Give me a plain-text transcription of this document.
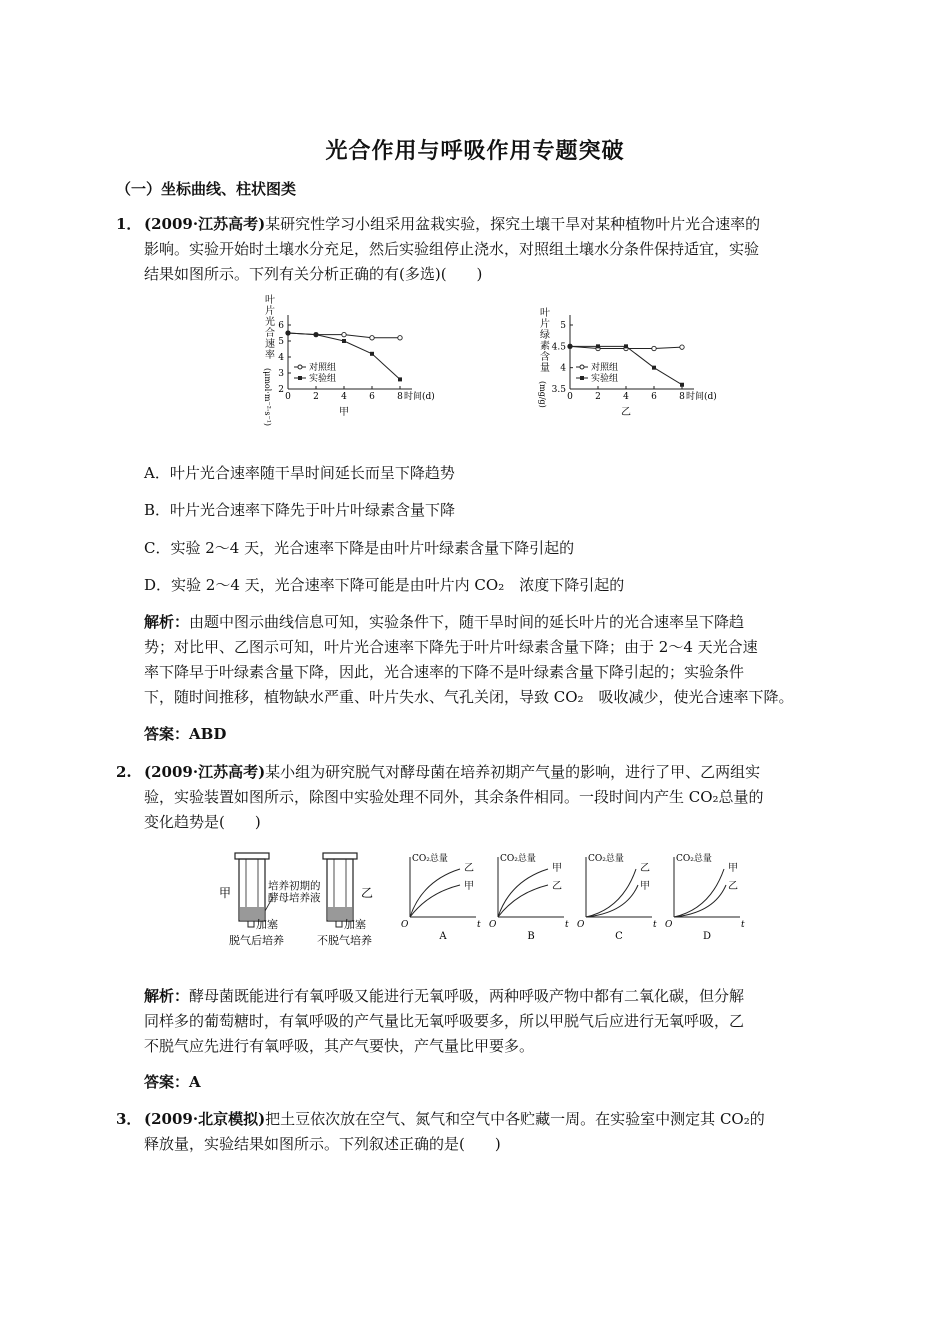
光合作用与呼吸作用专题突破
（一）坐标曲线、柱状图类
1． (2009·江苏高考)某研究性学习小组采用盆栽实验，探究土壤干旱对某种植物叶片光合速率的
影响。实验开始时土壤水分充足，然后实验组停止浇水，对照组土壤水分条件保持适宜，实验
结果如图所示。下列有关分析正确的有(多选)(　　)
叶
片
光
合
速
率
(μmol·m⁻²·s⁻¹)
6
5
4
3
2
0 2 4 6 8 时间(d)
甲
对照组
实验组
叶
片
绿
素
含
量
(mg/g)
5
4.5
4
3.5
0 2 4 6 8 时间(d)
乙
对照组
实验组
A．叶片光合速率随干旱时间延长而呈下降趋势
B．叶片光合速率下降先于叶片叶绿素含量下降
C．实验 2～4 天，光合速率下降是由叶片叶绿素含量下降引起的
D．实验 2～4 天，光合速率下降可能是由叶片内 CO₂　浓度下降引起的
解析：由题中图示曲线信息可知，实验条件下，随干旱时间的延长叶片的光合速率呈下降趋
势；对比甲、乙图示可知，叶片光合速率下降先于叶片叶绿素含量下降；由于 2～4 天光合速
率下降早于叶绿素含量下降，因此，光合速率的下降不是叶绿素含量下降引起的；实验条件
下，随时间推移，植物缺水严重、叶片失水、气孔关闭，导致 CO₂　吸收减少，使光合速率下降。
答案：ABD
2. (2009·江苏高考)某小组为研究脱气对酵母菌在培养初期产气量的影响，进行了甲、乙两组实
验，实验装置如图所示，除图中实验处理不同外，其余条件相同。一段时间内产生 CO₂总量的
变化趋势是(　　)
甲	乙
培养初期的
酵母培养液
加塞	加塞
脱气后培养	不脱气培养
CO₂总量
O	t
乙
甲
A
CO₂总量
O	t
甲
乙
B
CO₂总量
O	t
乙
甲
C
CO₂总量
O	t
甲
乙
D
解析：酵母菌既能进行有氧呼吸又能进行无氧呼吸，两种呼吸产物中都有二氧化碳，但分解
同样多的葡萄糖时，有氧呼吸的产气量比无氧呼吸要多，所以甲脱气后应进行无氧呼吸，乙
不脱气应先进行有氧呼吸，其产气要快，产气量比甲要多。
答案：A
3． (2009·北京模拟)把土豆依次放在空气、氮气和空气中各贮藏一周。在实验室中测定其 CO₂的
释放量，实验结果如图所示。下列叙述正确的是(　　)
